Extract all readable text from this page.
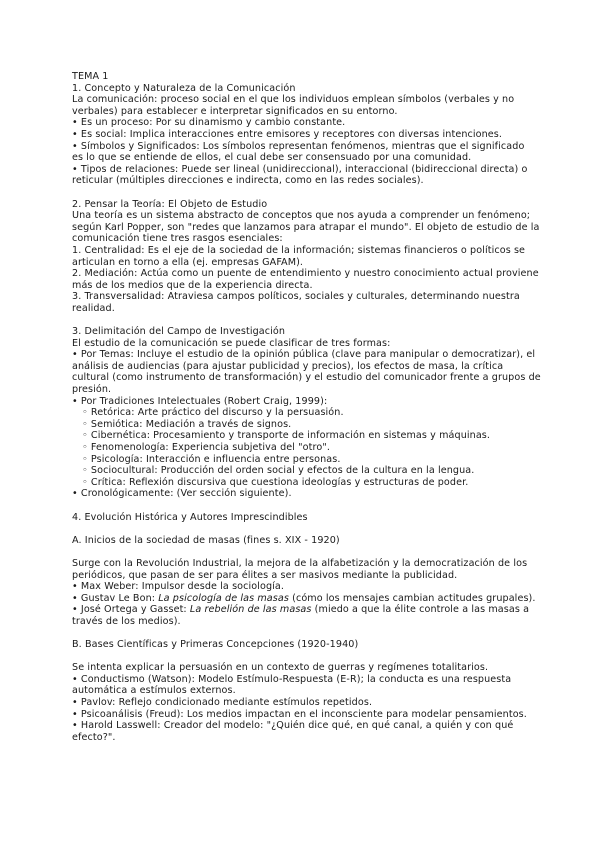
TEMA 1
1. Concepto y Naturaleza de la Comunicación
La comunicación: proceso social en el que los individuos emplean símbolos (verbales y no
verbales) para establecer e interpretar significados en su entorno.
• Es un proceso: Por su dinamismo y cambio constante.
• Es social: Implica interacciones entre emisores y receptores con diversas intenciones.
• Símbolos y Significados: Los símbolos representan fenómenos, mientras que el significado
es lo que se entiende de ellos, el cual debe ser consensuado por una comunidad.
• Tipos de relaciones: Puede ser lineal (unidireccional), interaccional (bidireccional directa) o
reticular (múltiples direcciones e indirecta, como en las redes sociales).
2. Pensar la Teoría: El Objeto de Estudio
Una teoría es un sistema abstracto de conceptos que nos ayuda a comprender un fenómeno;
según Karl Popper, son "redes que lanzamos para atrapar el mundo". El objeto de estudio de la
comunicación tiene tres rasgos esenciales:
1. Centralidad: Es el eje de la sociedad de la información; sistemas financieros o políticos se
articulan en torno a ella (ej. empresas GAFAM).
2. Mediación: Actúa como un puente de entendimiento y nuestro conocimiento actual proviene
más de los medios que de la experiencia directa.
3. Transversalidad: Atraviesa campos políticos, sociales y culturales, determinando nuestra
realidad.
3. Delimitación del Campo de Investigación
El estudio de la comunicación se puede clasificar de tres formas:
• Por Temas: Incluye el estudio de la opinión pública (clave para manipular o democratizar), el
análisis de audiencias (para ajustar publicidad y precios), los efectos de masa, la crítica
cultural (como instrumento de transformación) y el estudio del comunicador frente a grupos de
presión.
• Por Tradiciones Intelectuales (Robert Craig, 1999):
◦ Retórica: Arte práctico del discurso y la persuasión.
◦ Semiótica: Mediación a través de signos.
◦ Cibernética: Procesamiento y transporte de información en sistemas y máquinas.
◦ Fenomenología: Experiencia subjetiva del "otro".
◦ Psicología: Interacción e influencia entre personas.
◦ Sociocultural: Producción del orden social y efectos de la cultura en la lengua.
◦ Crítica: Reflexión discursiva que cuestiona ideologías y estructuras de poder.
• Cronológicamente: (Ver sección siguiente).
4. Evolución Histórica y Autores Imprescindibles
A. Inicios de la sociedad de masas (fines s. XIX - 1920)
Surge con la Revolución Industrial, la mejora de la alfabetización y la democratización de los
periódicos, que pasan de ser para élites a ser masivos mediante la publicidad.
• Max Weber: Impulsor desde la sociología.
• Gustav Le Bon: La psicología de las masas (cómo los mensajes cambian actitudes grupales).
• José Ortega y Gasset: La rebelión de las masas (miedo a que la élite controle a las masas a
través de los medios).
B. Bases Científicas y Primeras Concepciones (1920-1940)
Se intenta explicar la persuasión en un contexto de guerras y regímenes totalitarios.
• Conductismo (Watson): Modelo Estímulo-Respuesta (E-R); la conducta es una respuesta
automática a estímulos externos.
• Pavlov: Reflejo condicionado mediante estímulos repetidos.
• Psicoanálisis (Freud): Los medios impactan en el inconsciente para modelar pensamientos.
• Harold Lasswell: Creador del modelo: "¿Quién dice qué, en qué canal, a quién y con qué
efecto?".
